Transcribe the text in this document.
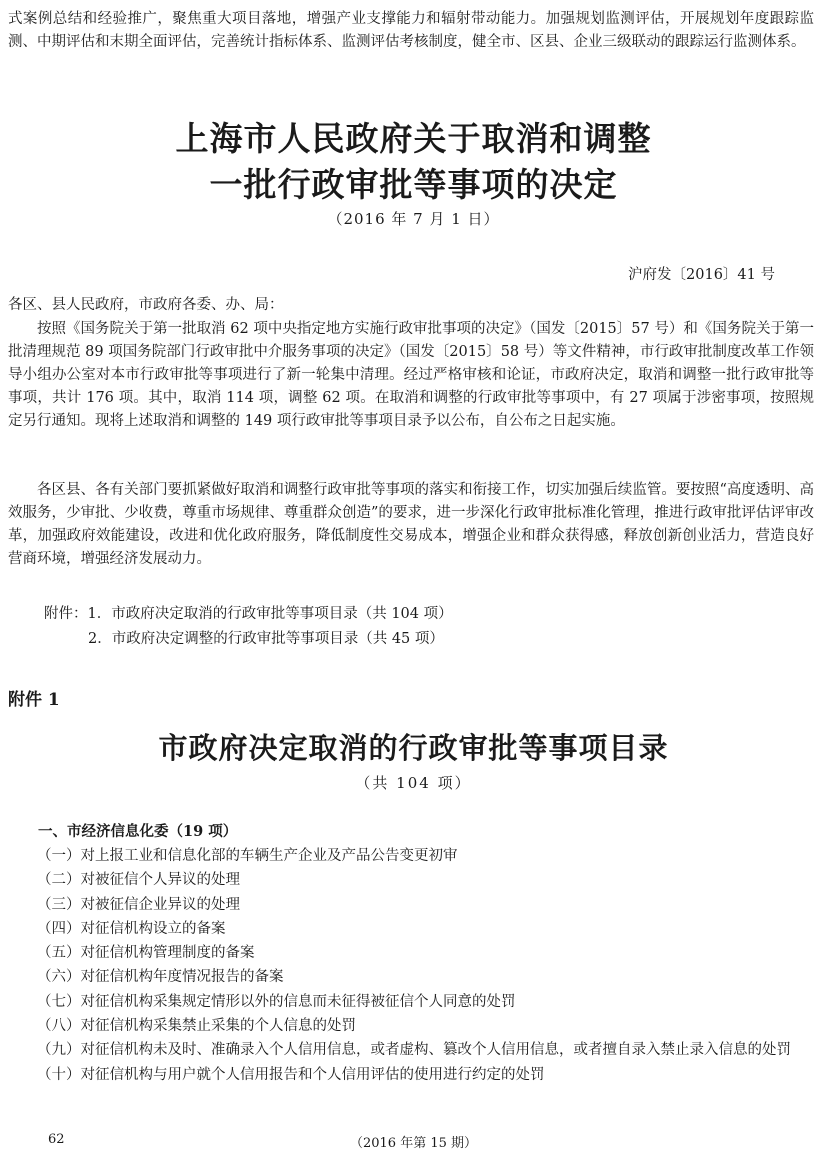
式案例总结和经验推广，聚焦重大项目落地，增强产业支撑能力和辐射带动能力。加强规划监测评估，开展规划年度跟踪监测、中期评估和末期全面评估，完善统计指标体系、监测评估考核制度，健全市、区县、企业三级联动的跟踪运行监测体系。

上海市人民政府关于取消和调整
一批行政审批等事项的决定
（2016 年 7 月 1 日）
沪府发〔2016〕41 号
各区、县人民政府，市政府各委、办、局：

按照《国务院关于第一批取消 62 项中央指定地方实施行政审批事项的决定》（国发〔2015〕57 号）和《国务院关于第一批清理规范 89 项国务院部门行政审批中介服务事项的决定》（国发〔2015〕58 号）等文件精神，市行政审批制度改革工作领导小组办公室对本市行政审批等事项进行了新一轮集中清理。经过严格审核和论证，市政府决定，取消和调整一批行政审批等事项，共计 176 项。其中，取消 114 项，调整 62 项。在取消和调整的行政审批等事项中，有 27 项属于涉密事项，按照规定另行通知。现将上述取消和调整的 149 项行政审批等事项目录予以公布，自公布之日起实施。

各区县、各有关部门要抓紧做好取消和调整行政审批等事项的落实和衔接工作，切实加强后续监管。要按照“高度透明、高效服务，少审批、少收费，尊重市场规律、尊重群众创造”的要求，进一步深化行政审批标准化管理，推进行政审批评估评审改革，加强政府效能建设，改进和优化政府服务，降低制度性交易成本，增强企业和群众获得感，释放创新创业活力，营造良好营商环境，增强经济发展动力。

附件：1．市政府决定取消的行政审批等事项目录（共 104 项）
2．市政府决定调整的行政审批等事项目录（共 45 项）
附件 1
市政府决定取消的行政审批等事项目录
（共 104 项）
一、市经济信息化委（19 项）
（一）对上报工业和信息化部的车辆生产企业及产品公告变更初审
（二）对被征信个人异议的处理
（三）对被征信企业异议的处理
（四）对征信机构设立的备案
（五）对征信机构管理制度的备案
（六）对征信机构年度情况报告的备案
（七）对征信机构采集规定情形以外的信息而未征得被征信个人同意的处罚
（八）对征信机构采集禁止采集的个人信息的处罚
（九）对征信机构未及时、准确录入个人信用信息，或者虚构、篡改个人信用信息，或者擅自录入禁止录入信息的处罚
（十）对征信机构与用户就个人信用报告和个人信用评估的使用进行约定的处罚
62	（2016 年第 15 期）
